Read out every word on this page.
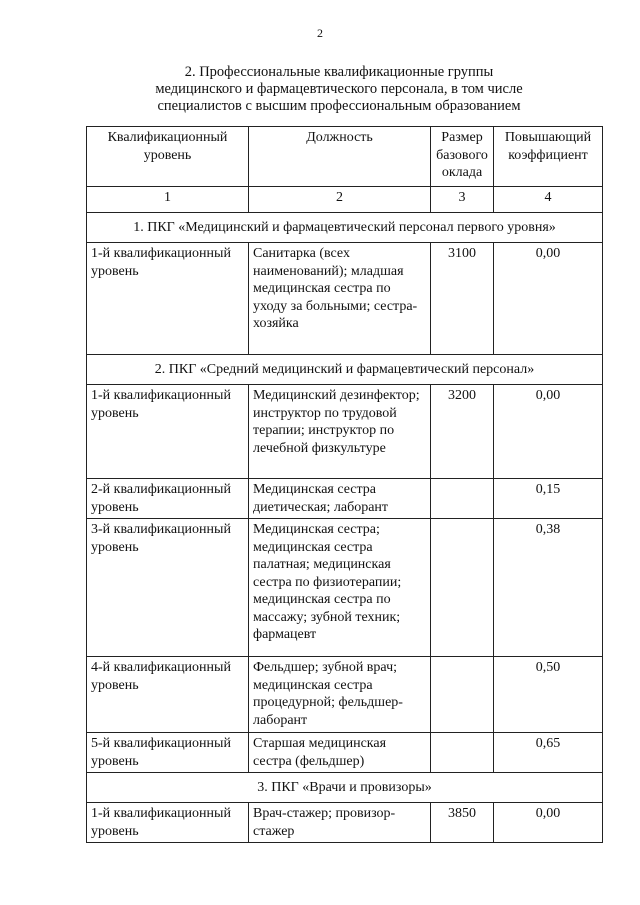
2
2. Профессиональные квалификационные группы
медицинского и фармацевтического персонала, в том числе
специалистов с высшим профессиональным образованием
Квалификационный уровень	Должность	Размер базового оклада	Повышающий коэффициент
1	2	3	4
1. ПКГ «Медицинский и фармацевтический персонал первого уровня»			
1-й квалификационный уровень	Санитарка (всех наименований); младшая медицинская сестра по уходу за больными; сестра-хозяйка	3100	0,00
2. ПКГ «Средний медицинский и фармацевтический персонал»			
1-й квалификационный уровень	Медицинский дезинфектор; инструктор по трудовой терапии; инструктор по лечебной физкультуре	3200	0,00
2-й квалификационный уровень	Медицинская сестра диетическая; лаборант		0,15
3-й квалификационный уровень	Медицинская сестра; медицинская сестра палатная; медицинская сестра по физиотерапии; медицинская сестра по массажу; зубной техник; фармацевт		0,38
4-й квалификационный уровень	Фельдшер; зубной врач; медицинская сестра процедурной; фельдшер-лаборант		0,50
5-й квалификационный уровень	Старшая медицинская сестра (фельдшер)		0,65
3. ПКГ «Врачи и провизоры»			
1-й квалификационный уровень	Врач-стажер; провизор-стажер	3850	0,00
